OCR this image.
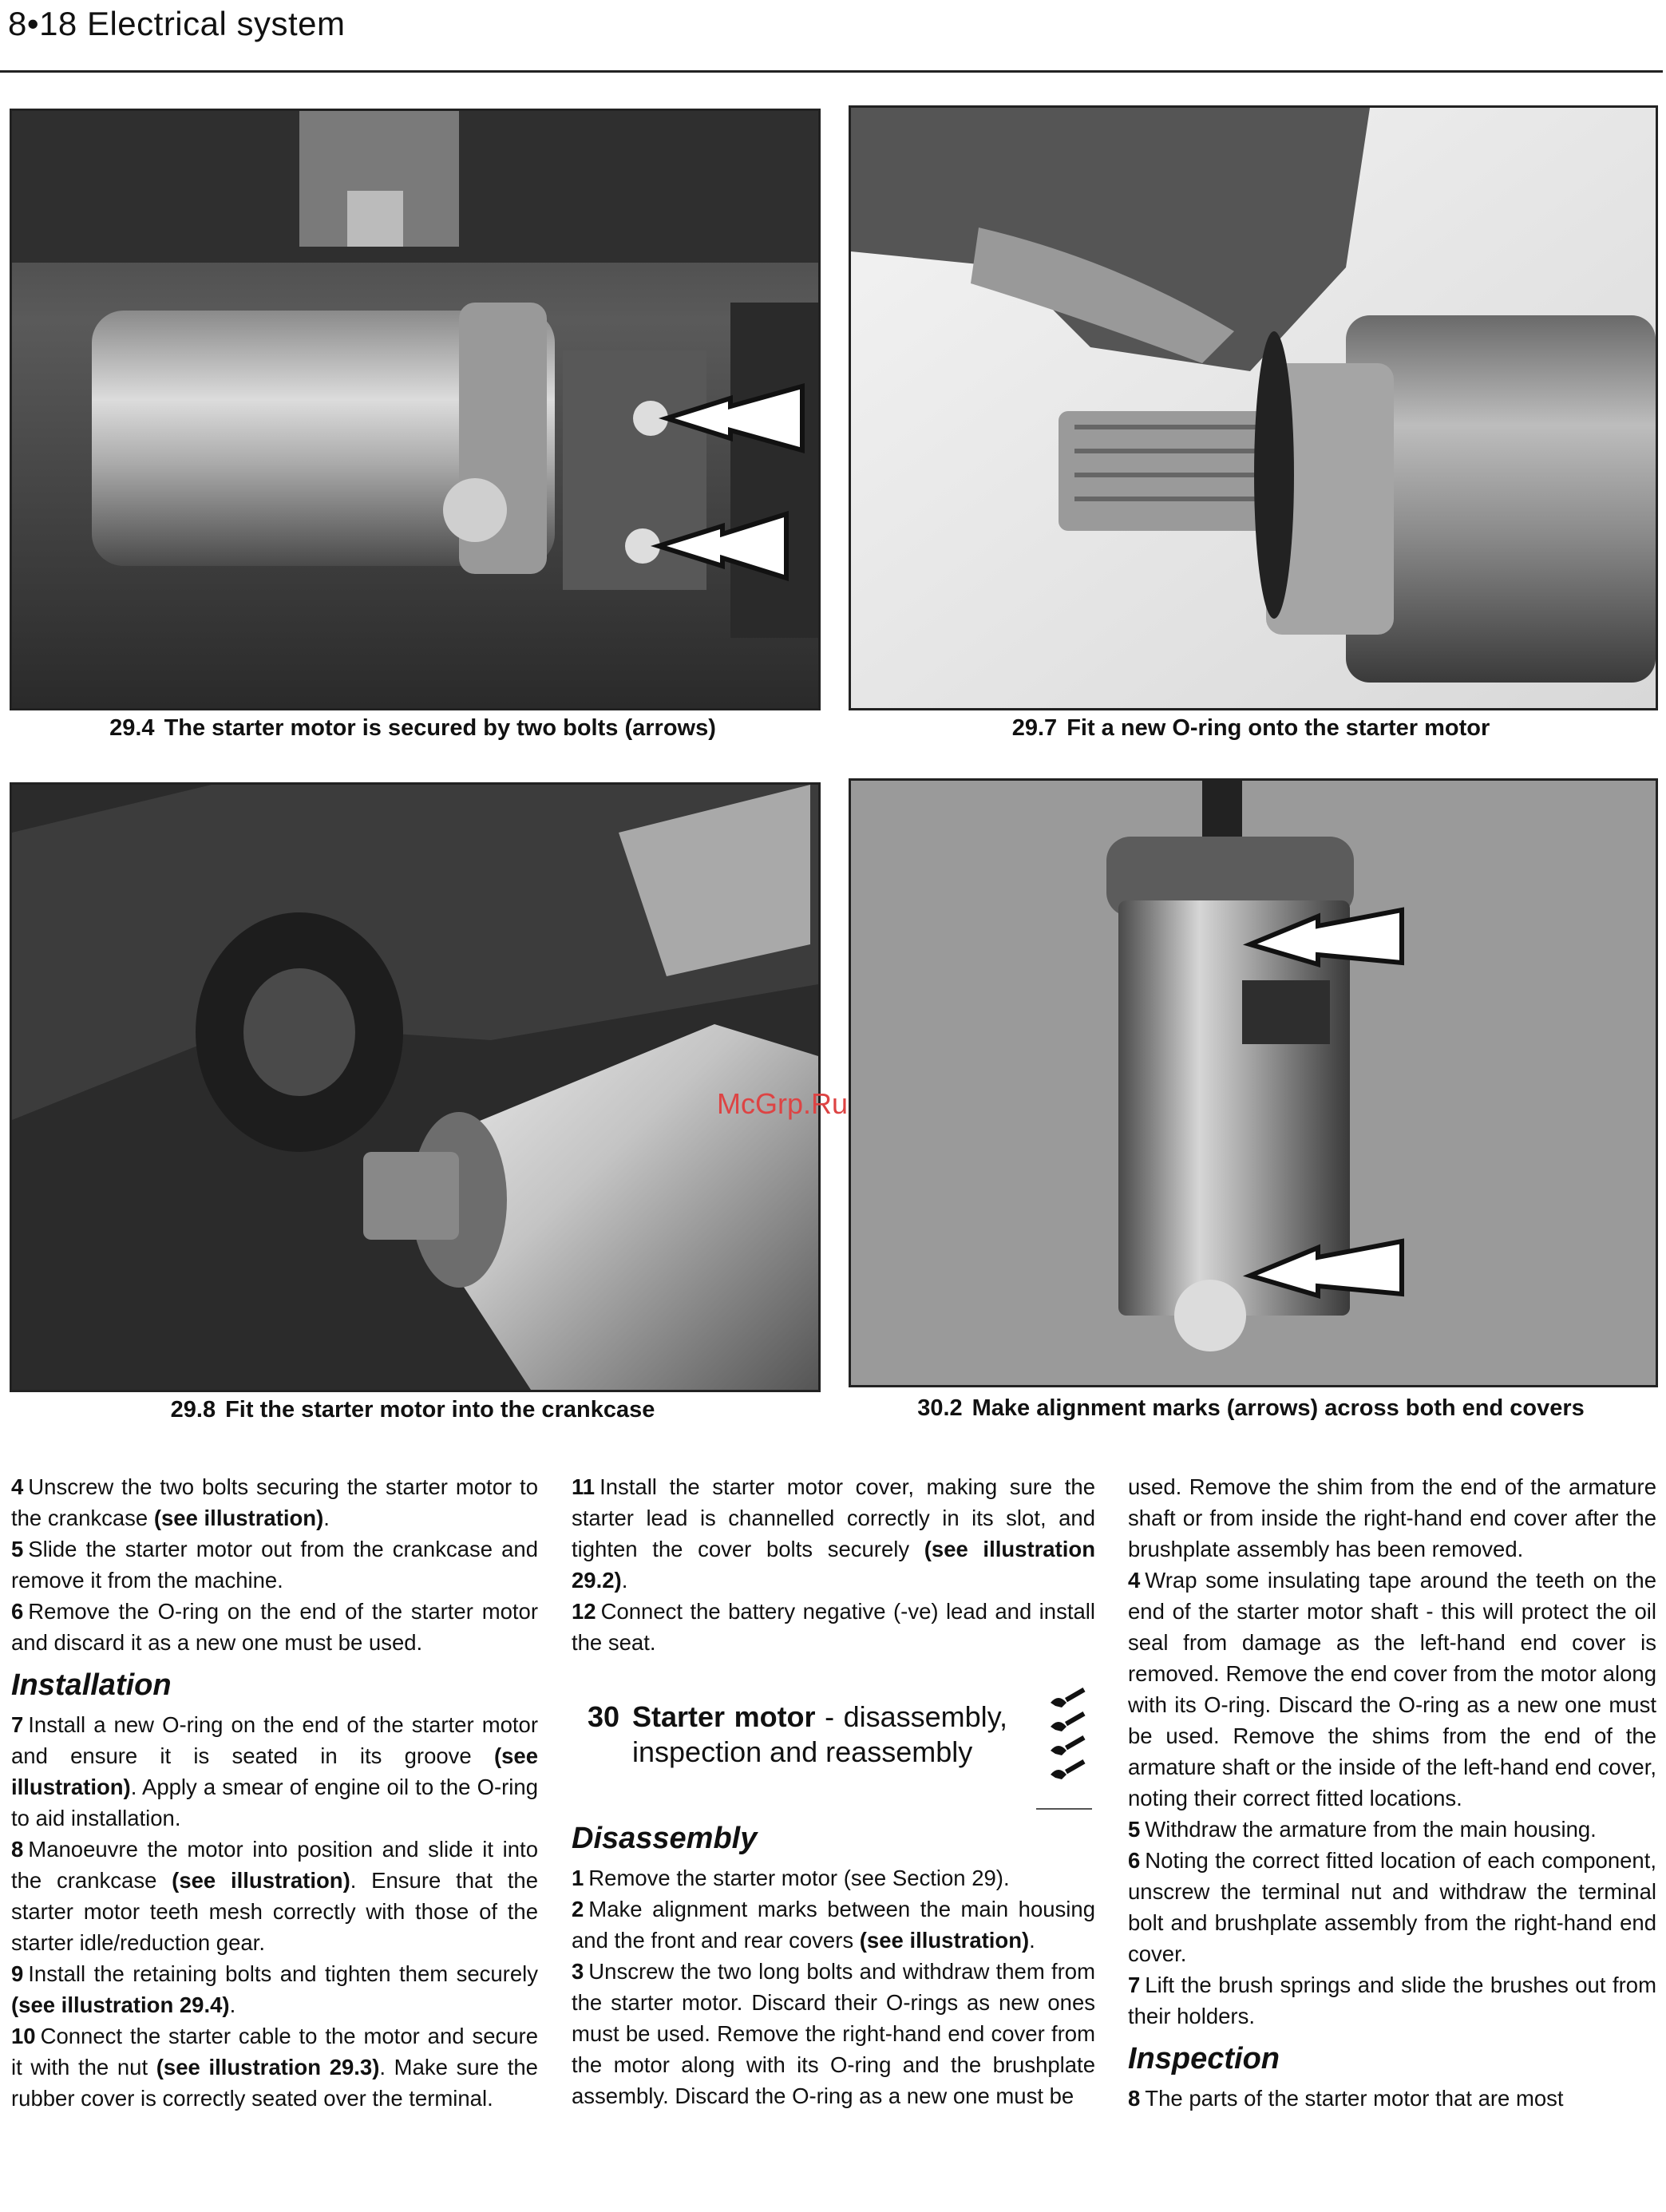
8•18 Electrical system
29.4 The starter motor is secured by two bolts (arrows)	29.7 Fit a new O-ring onto the starter motor
29.8 Fit the starter motor into the crankcase	30.2 Make alignment marks (arrows) across both end covers
McGrp.Ru

4 Unscrew the two bolts securing the starter motor to the crankcase (see illustration).

5 Slide the starter motor out from the crankcase and remove it from the machine.

6 Remove the O-ring on the end of the starter motor and discard it as a new one must be used.

Installation

7 Install a new O-ring on the end of the starter motor and ensure it is seated in its groove (see illustration). Apply a smear of engine oil to the O-ring to aid installation.

8 Manoeuvre the motor into position and slide it into the crankcase (see illustration). Ensure that the starter motor teeth mesh correctly with those of the starter idle/reduction gear.

9 Install the retaining bolts and tighten them securely (see illustration 29.4).

10 Connect the starter cable to the motor and secure it with the nut (see illustration 29.3). Make sure the rubber cover is correctly seated over the terminal.

11 Install the starter motor cover, making sure the starter lead is channelled correctly in its slot, and tighten the cover bolts securely (see illustration 29.2).

12 Connect the battery negative (-ve) lead and install the seat.

30 Starter motor - disassembly, inspection and reassembly
Disassembly

1 Remove the starter motor (see Section 29).

2 Make alignment marks between the main housing and the front and rear covers (see illustration).

3 Unscrew the two long bolts and withdraw them from the starter motor. Discard their O-rings as new ones must be used. Remove the right-hand end cover from the motor along with its O-ring and the brushplate assembly. Discard the O-ring as a new one must be

used. Remove the shim from the end of the armature shaft or from inside the right-hand end cover after the brushplate assembly has been removed.

4 Wrap some insulating tape around the teeth on the end of the starter motor shaft - this will protect the oil seal from damage as the left-hand end cover is removed. Remove the end cover from the motor along with its O-ring. Discard the O-ring as a new one must be used. Remove the shims from the end of the armature shaft or the inside of the left-hand end cover, noting their correct fitted locations.

5 Withdraw the armature from the main housing.

6 Noting the correct fitted location of each component, unscrew the terminal nut and withdraw the terminal bolt and brushplate assembly from the right-hand end cover.

7 Lift the brush springs and slide the brushes out from their holders.

Inspection

8 The parts of the starter motor that are most
